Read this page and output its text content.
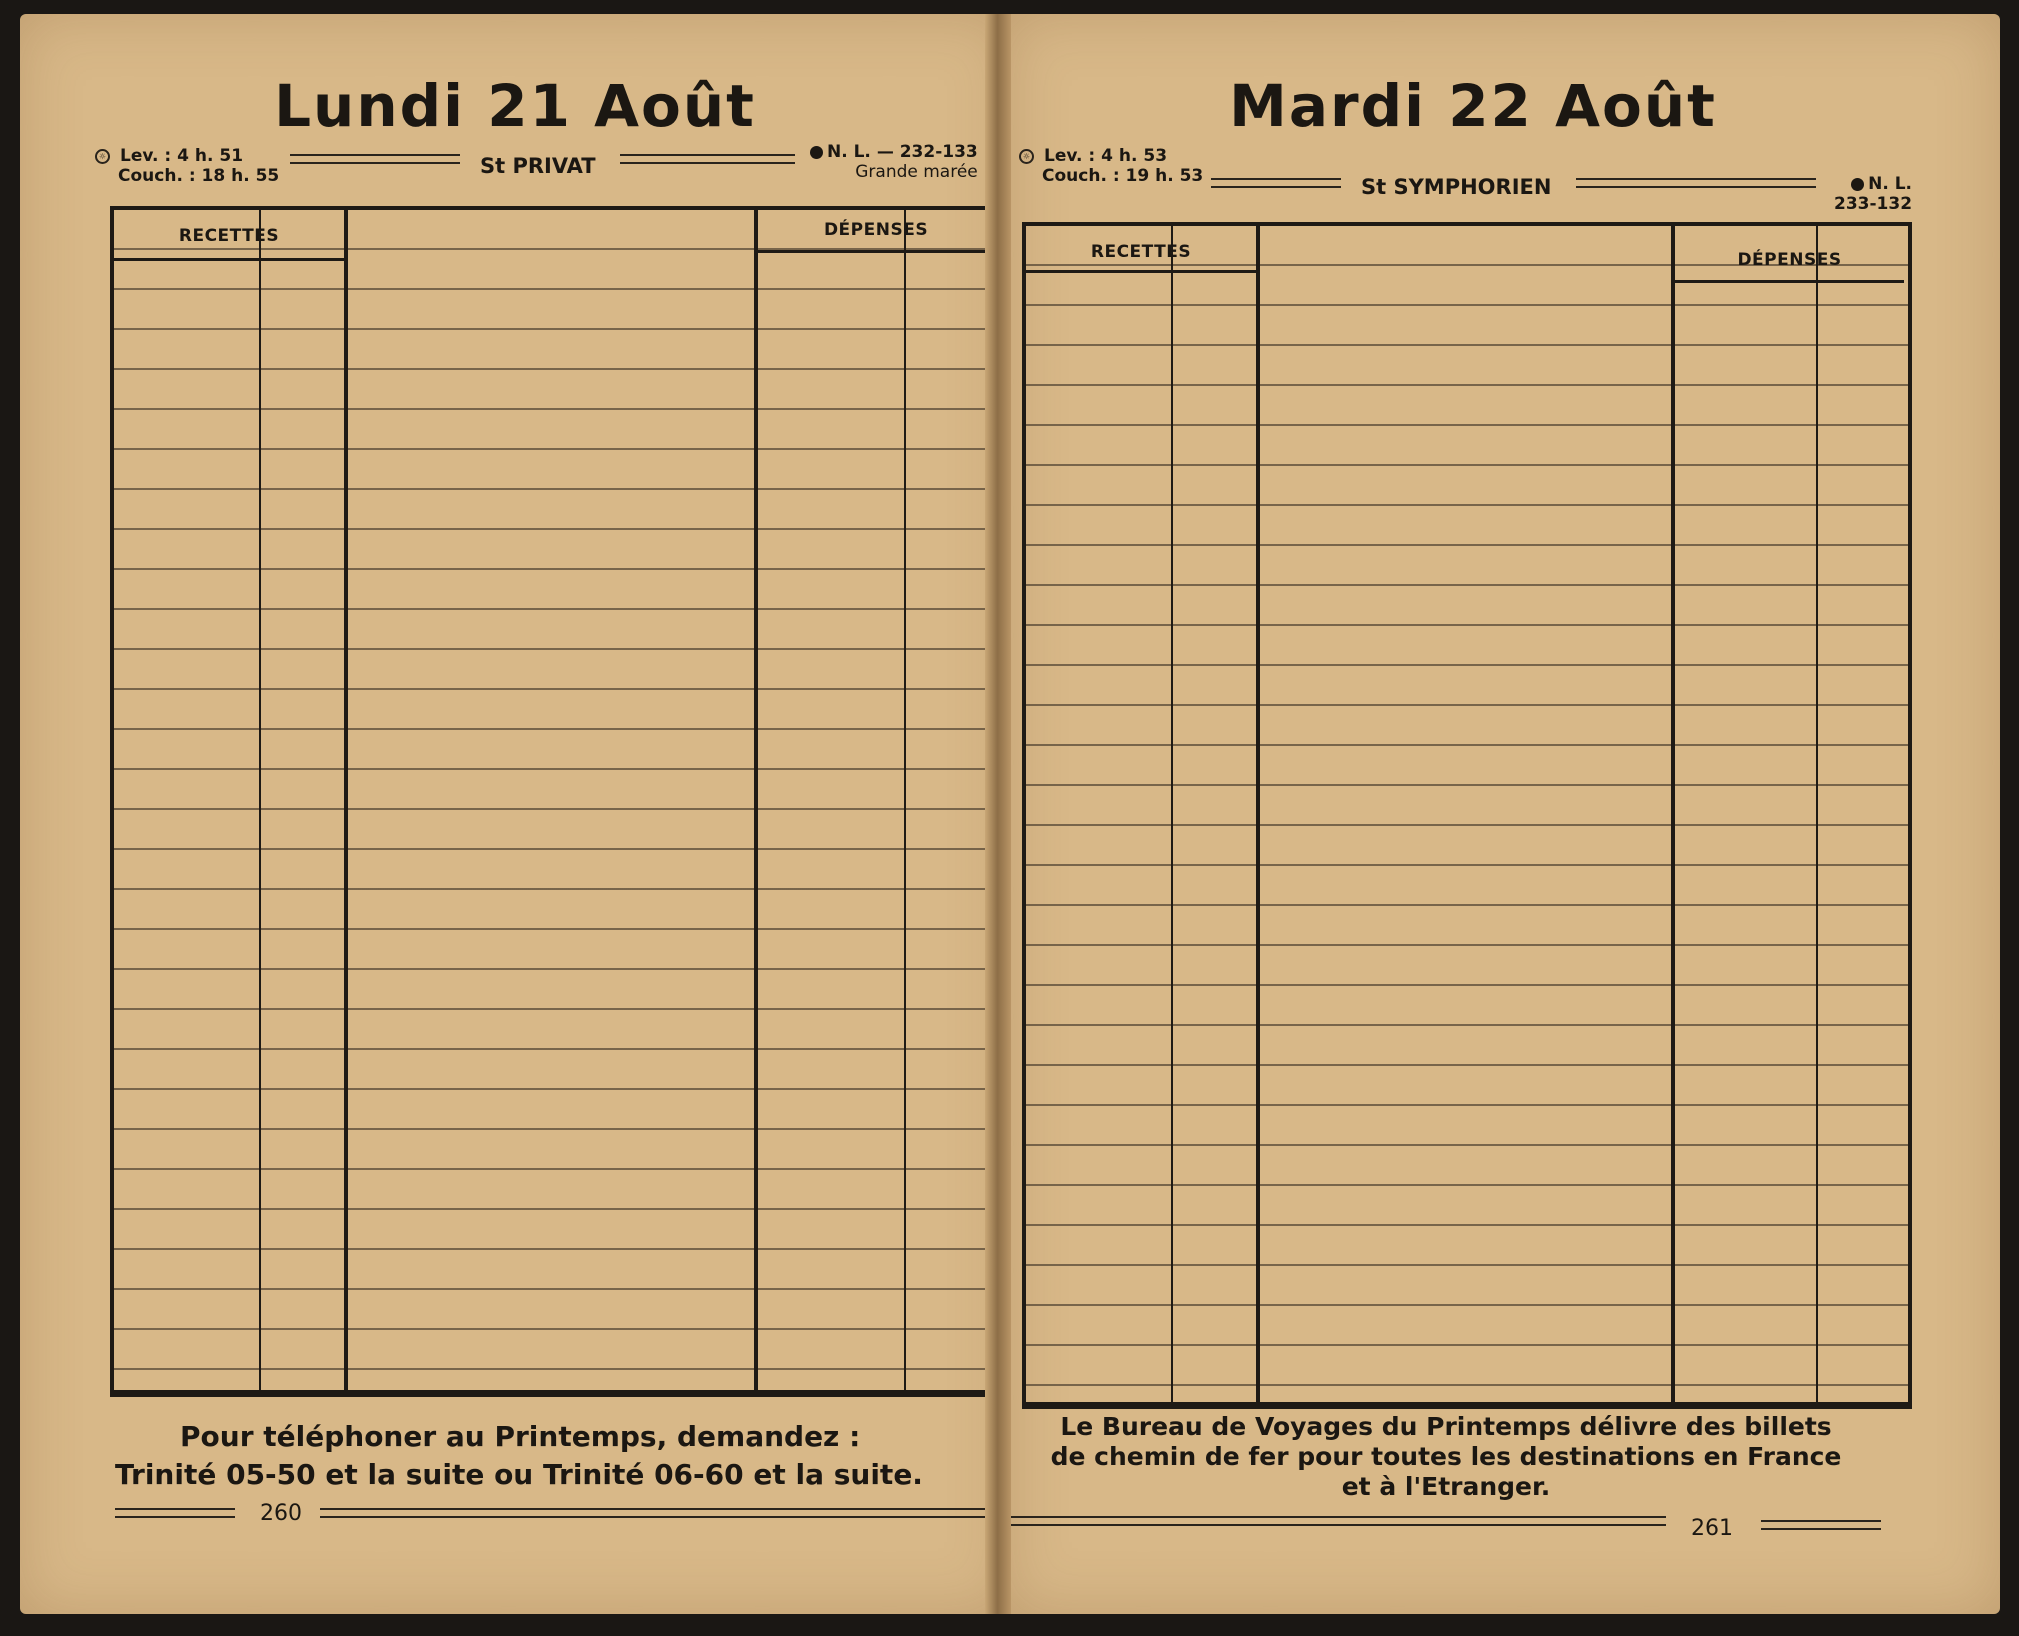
Lundi 21 Août
☼ Lev. : 4 h. 51
Couch. : 18 h. 55	St PRIVAT
N. L. — 232-133
Grande marée
RECETTES	DÉPENSES
Pour téléphoner au Printemps, demandez :
Trinité 05-50 et la suite ou Trinité 06-60 et la suite.
260
Mardi 22 Août
☼ Lev. : 4 h. 53
Couch. : 19 h. 53	St SYMPHORIEN	N. L.
233-132
RECETTES	DÉPENSES
Le Bureau de Voyages du Printemps délivre des billets
de chemin de fer pour toutes les destinations en France
et à l'Etranger.
261
